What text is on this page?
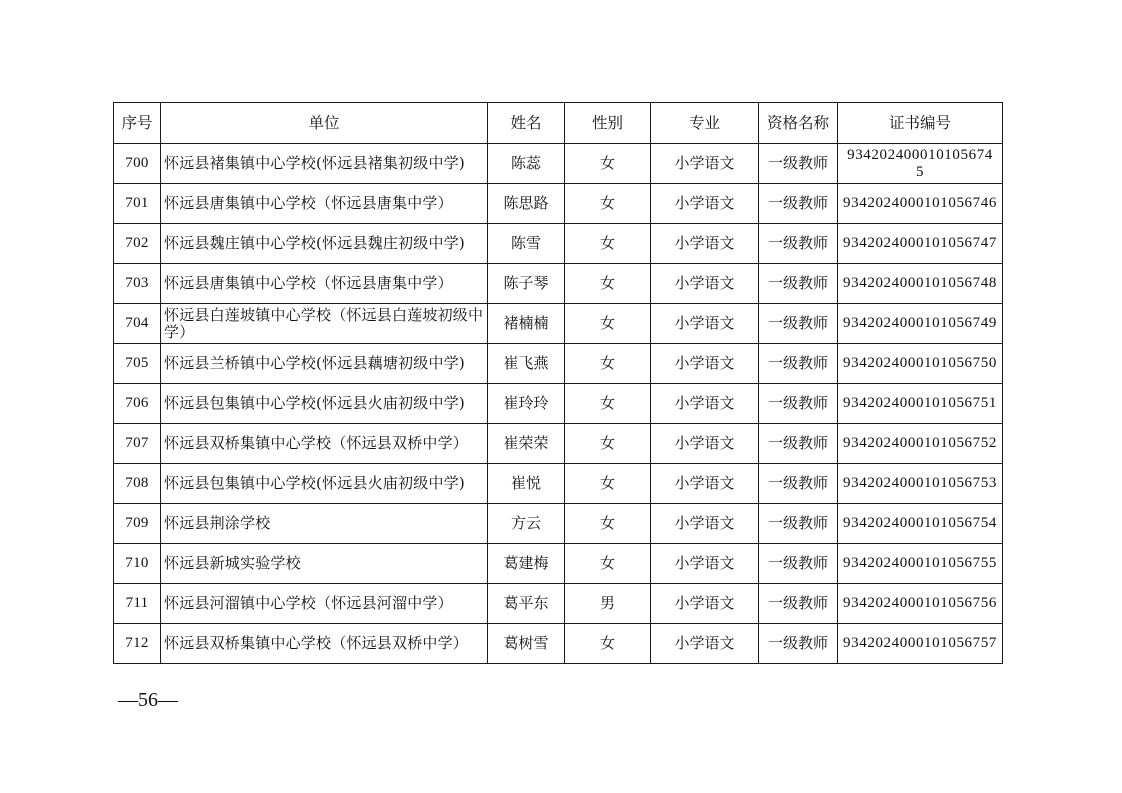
序号	单位	姓名	性别	专业	资格名称	证书编号
700	怀远县褚集镇中心学校(怀远县褚集初级中学)	陈蕊	女	小学语文	一级教师	934202400010105674 5
701	怀远县唐集镇中心学校（怀远县唐集中学）	陈思路	女	小学语文	一级教师	9342024000101056746
702	怀远县魏庄镇中心学校(怀远县魏庄初级中学)	陈雪	女	小学语文	一级教师	9342024000101056747
703	怀远县唐集镇中心学校（怀远县唐集中学）	陈子琴	女	小学语文	一级教师	9342024000101056748
704	怀远县白莲坡镇中心学校（怀远县白莲坡初级中学）	褚楠楠	女	小学语文	一级教师	9342024000101056749
705	怀远县兰桥镇中心学校(怀远县藕塘初级中学)	崔飞燕	女	小学语文	一级教师	9342024000101056750
706	怀远县包集镇中心学校(怀远县火庙初级中学)	崔玲玲	女	小学语文	一级教师	9342024000101056751
707	怀远县双桥集镇中心学校（怀远县双桥中学）	崔荣荣	女	小学语文	一级教师	9342024000101056752
708	怀远县包集镇中心学校(怀远县火庙初级中学)	崔悦	女	小学语文	一级教师	9342024000101056753
709	怀远县荆涂学校	方云	女	小学语文	一级教师	9342024000101056754
710	怀远县新城实验学校	葛建梅	女	小学语文	一级教师	9342024000101056755
711	怀远县河溜镇中心学校（怀远县河溜中学）	葛平东	男	小学语文	一级教师	9342024000101056756
712	怀远县双桥集镇中心学校（怀远县双桥中学）	葛树雪	女	小学语文	一级教师	9342024000101056757
—56—
